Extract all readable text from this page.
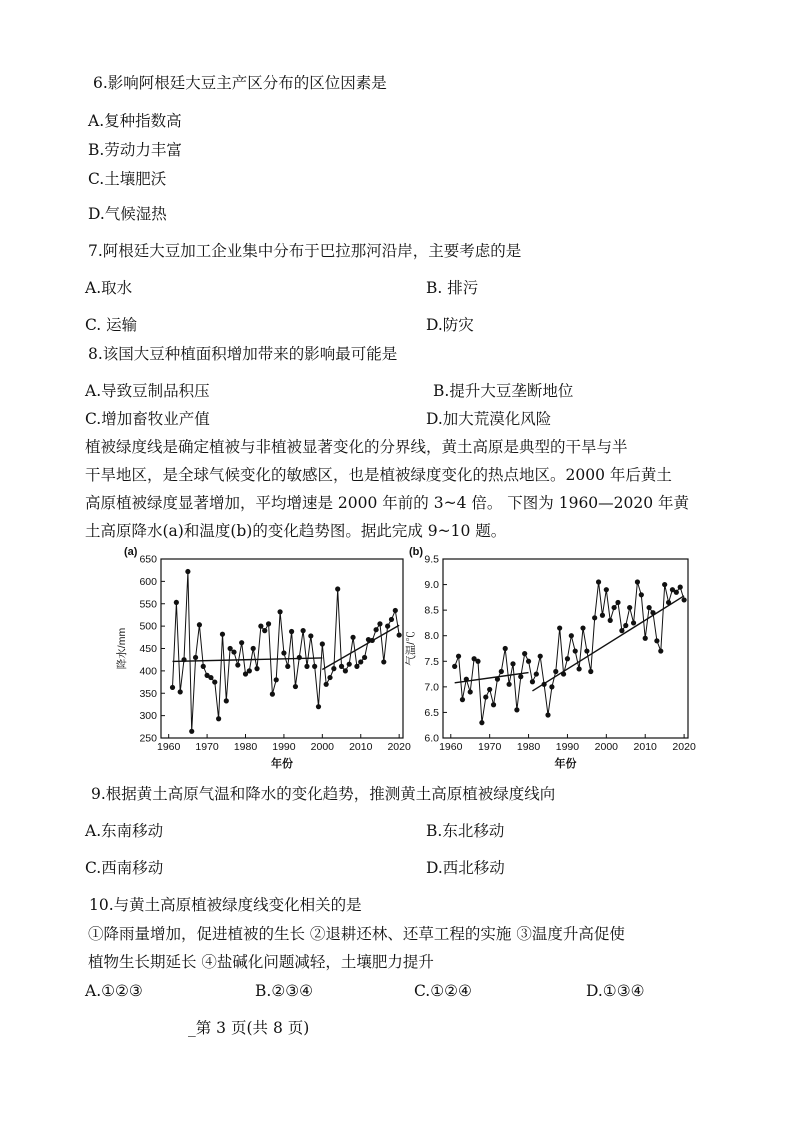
6.影响阿根廷大豆主产区分布的区位因素是
A.复种指数高
B.劳动力丰富
C.土壤肥沃
D.气候湿热
7.阿根廷大豆加工企业集中分布于巴拉那河沿岸，主要考虑的是
A.取水	B. 排污
C. 运输	D.防灾
8.该国大豆种植面积增加带来的影响最可能是
A.导致豆制品积压	B.提升大豆垄断地位
C.增加畜牧业产值	D.加大荒漠化风险
植被绿度线是确定植被与非植被显著变化的分界线，黄土高原是典型的干旱与半
干旱地区，是全球气候变化的敏感区，也是植被绿度变化的热点地区。2000 年后黄土
高原植被绿度显著增加，平均增速是 2000 年前的 3~4 倍。 下图为 1960—2020 年黄
土高原降水(a)和温度(b)的变化趋势图。据此完成 9~10 题。
250
300
350
400
450
500
550
600
650
1960 1970 1980 1990 2000 2010 2020
(a)
年份
降水/mm
6.0
6.5
7.0
7.5
8.0
8.5
9.0
9.5
1960 1970 1980 1990 2000 2010 2020
(b)
年份
气温/℃
9.根据黄土高原气温和降水的变化趋势，推测黄土高原植被绿度线向
A.东南移动	B.东北移动
C.西南移动	D.西北移动
10.与黄土高原植被绿度线变化相关的是
①降雨量增加，促进植被的生长 ②退耕还林、还草工程的实施 ③温度升高促使
植物生长期延长 ④盐碱化问题减轻，土壤肥力提升
A.①②③	B.②③④	C.①②④	D.①③④
_第 3 页(共 8 页)
